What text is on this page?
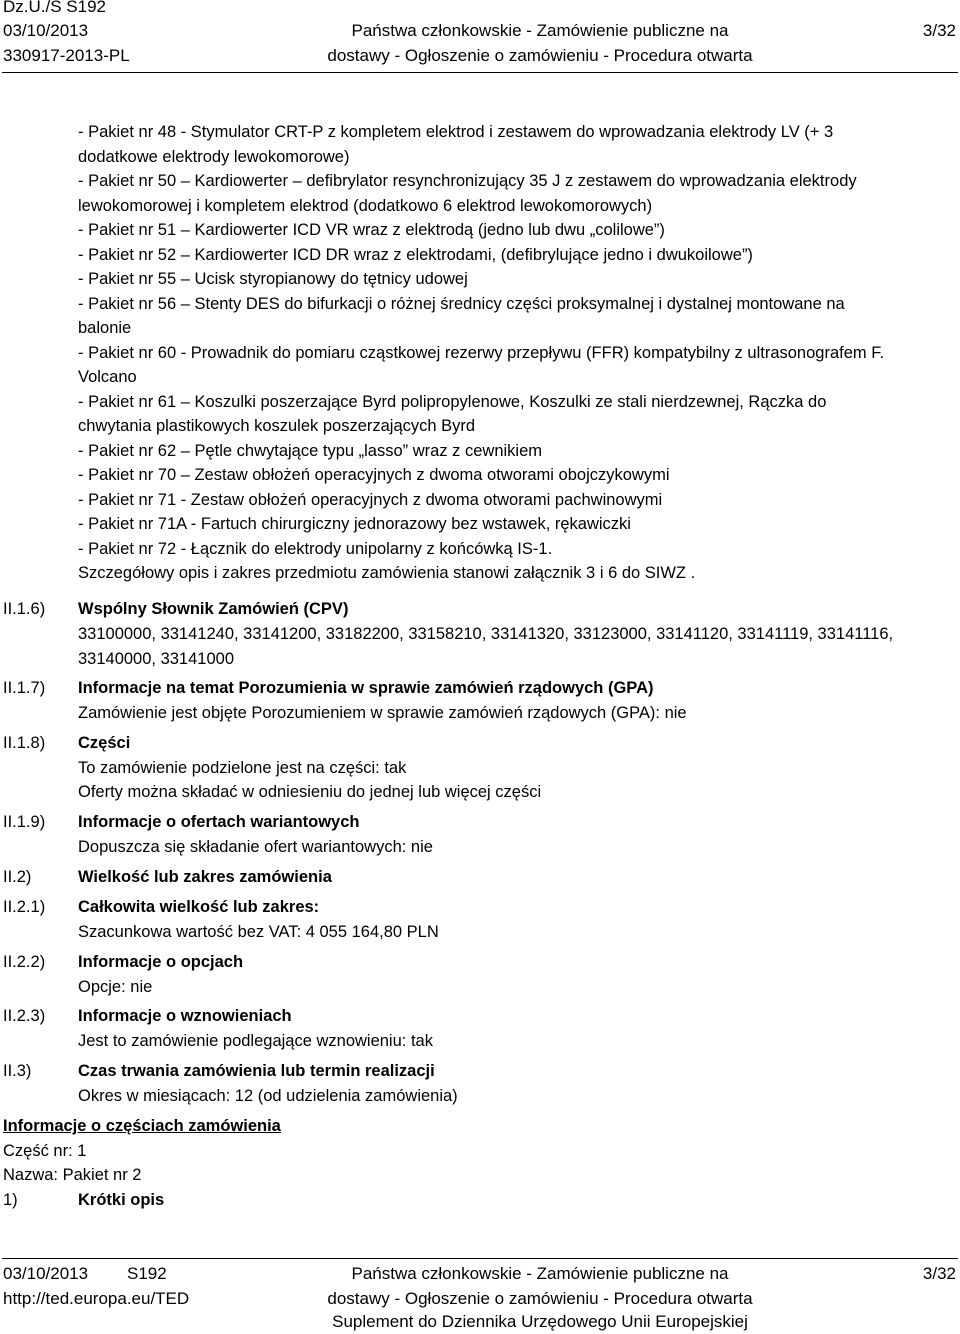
Dz.U./S S192
03/10/2013
330917-2013-PL
Państwa członkowskie - Zamówienie publiczne na
dostawy - Ogłoszenie o zamówieniu - Procedura otwarta
3/32
- Pakiet nr 48 - Stymulator CRT-P z kompletem elektrod i zestawem do wprowadzania elektrody LV (+ 3
dodatkowe elektrody lewokomorowe)
- Pakiet nr 50 – Kardiowerter – defibrylator resynchronizujący 35 J z zestawem do wprowadzania elektrody
lewokomorowej i kompletem elektrod (dodatkowo 6 elektrod lewokomorowych)
- Pakiet nr 51 – Kardiowerter ICD VR wraz z elektrodą (jedno lub dwu „colilowe”)
- Pakiet nr 52 – Kardiowerter ICD DR wraz z elektrodami, (defibrylujące jedno i dwukoilowe”)
- Pakiet nr 55 – Ucisk styropianowy do tętnicy udowej
- Pakiet nr 56 – Stenty DES do bifurkacji o różnej średnicy części proksymalnej i dystalnej montowane na
balonie
- Pakiet nr 60 - Prowadnik do pomiaru cząstkowej rezerwy przepływu (FFR) kompatybilny z ultrasonografem F.
Volcano
- Pakiet nr 61 – Koszulki poszerzające Byrd polipropylenowe, Koszulki ze stali nierdzewnej, Rączka do
chwytania plastikowych koszulek poszerzających Byrd
- Pakiet nr 62 – Pętle chwytające typu „lasso” wraz z cewnikiem
- Pakiet nr 70 – Zestaw obłożeń operacyjnych z dwoma otworami obojczykowymi
- Pakiet nr 71 - Zestaw obłożeń operacyjnych z dwoma otworami pachwinowymi
- Pakiet nr 71A - Fartuch chirurgiczny jednorazowy bez wstawek, rękawiczki
- Pakiet nr 72 - Łącznik do elektrody unipolarny z końcówką IS-1.
Szczegółowy opis i zakres przedmiotu zamówienia stanowi załącznik 3 i 6 do SIWZ .
II.1.6)
II.1.7)
II.1.8)
II.1.9)
II.2)
II.2.1)
II.2.2)
II.2.3)
II.3)
Wspólny Słownik Zamówień (CPV)
33100000, 33141240, 33141200, 33182200, 33158210, 33141320, 33123000, 33141120, 33141119, 33141116,
33140000, 33141000
Informacje na temat Porozumienia w sprawie zamówień rządowych (GPA)
Zamówienie jest objęte Porozumieniem w sprawie zamówień rządowych (GPA): nie
Części
To zamówienie podzielone jest na części: tak
Oferty można składać w odniesieniu do jednej lub więcej części
Informacje o ofertach wariantowych
Dopuszcza się składanie ofert wariantowych: nie
Wielkość lub zakres zamówienia
Całkowita wielkość lub zakres:
Szacunkowa wartość bez VAT: 4 055 164,80 PLN
Informacje o opcjach
Opcje: nie
Informacje o wznowieniach
Jest to zamówienie podlegające wznowieniu: tak
Czas trwania zamówienia lub termin realizacji
Okres w miesiącach: 12 (od udzielenia zamówienia)
Informacje o częściach zamówienia
Część nr: 1
Nazwa: Pakiet nr 2
1)	Krótki opis
03/10/2013 S192
http://ted.europa.eu/TED
Państwa członkowskie - Zamówienie publiczne na
dostawy - Ogłoszenie o zamówieniu - Procedura otwarta
Suplement do Dziennika Urzędowego Unii Europejskiej
3/32
